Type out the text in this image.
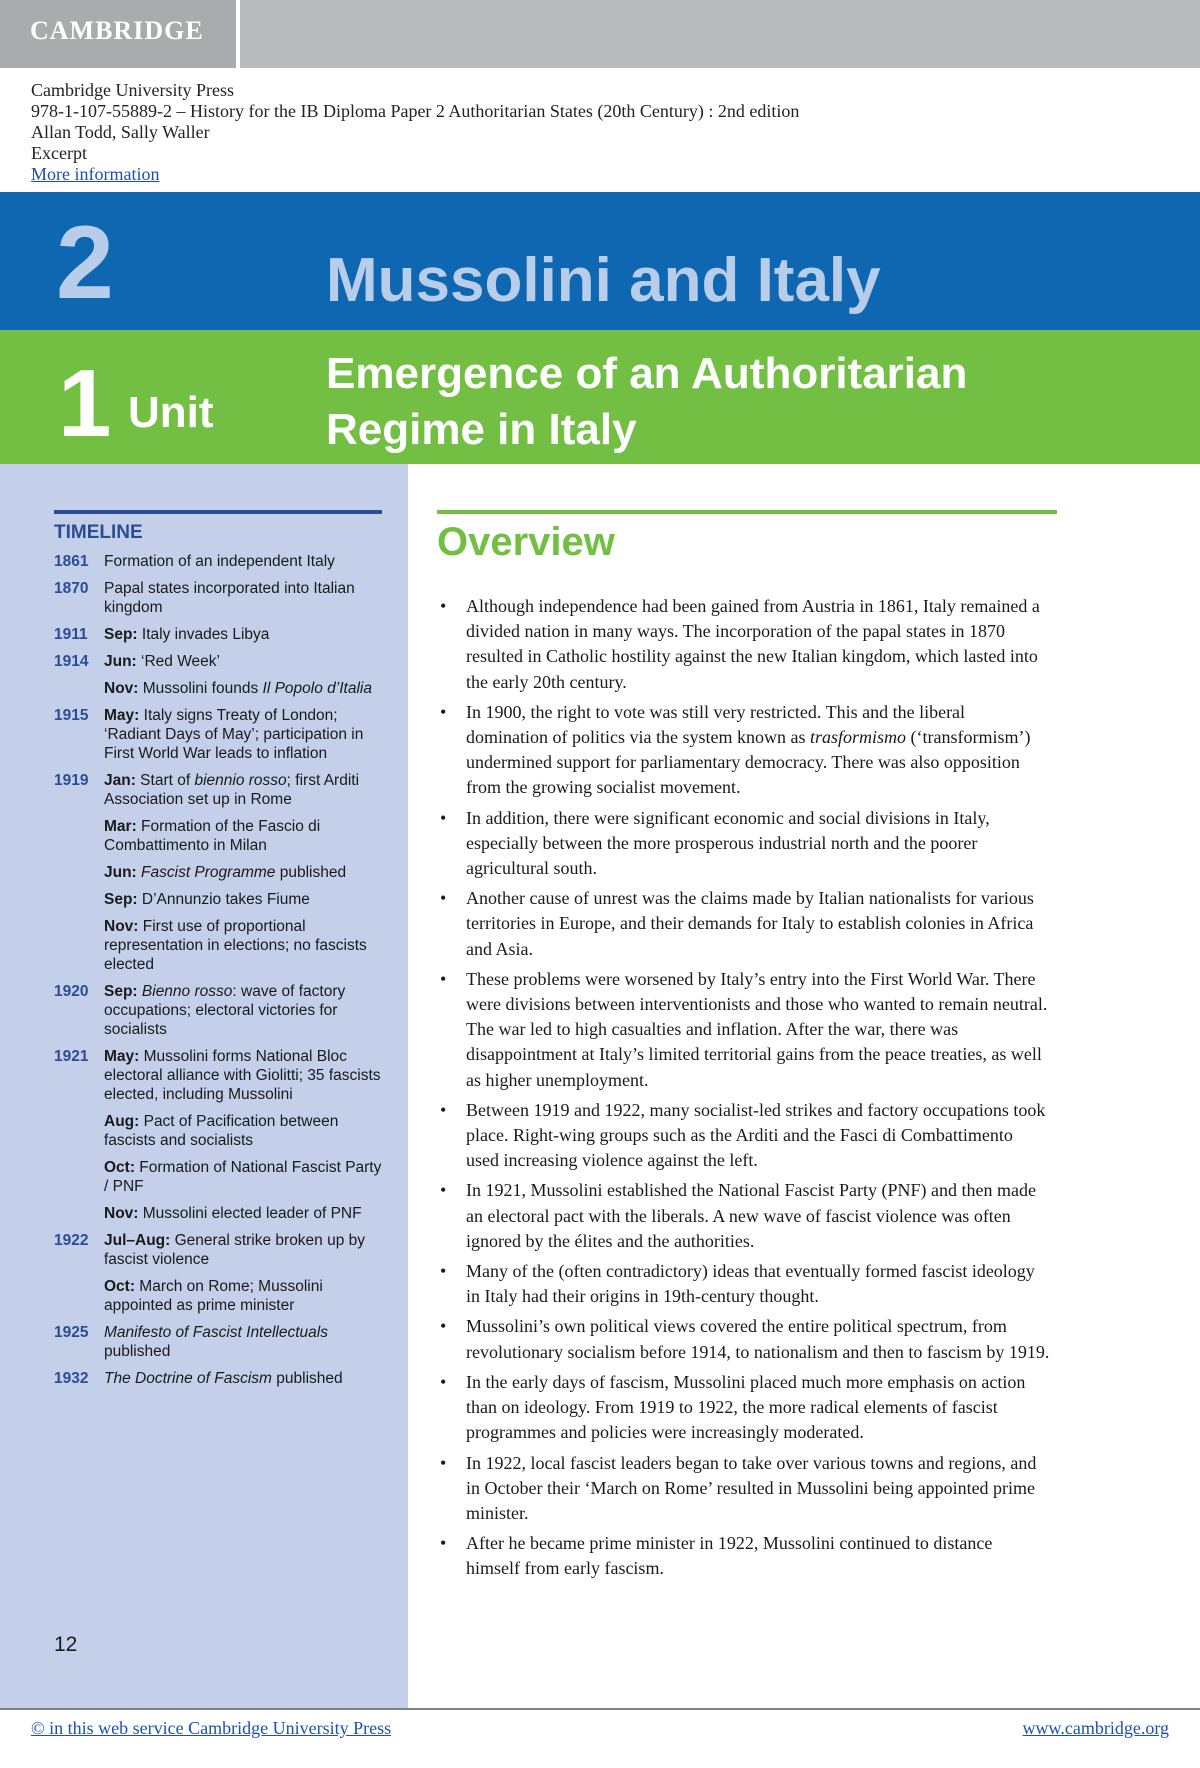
CAMBRIDGE
Cambridge University Press
978-1-107-55889-2 – History for the IB Diploma Paper 2 Authoritarian States (20th Century) : 2nd edition
Allan Todd, Sally Waller
Excerpt
More information
2	Mussolini and Italy
1 Unit
Emergence of an Authoritarian Regime in Italy
TIMELINE
1861	Formation of an independent Italy
1870	Papal states incorporated into Italian kingdom
1911	Sep: Italy invades Libya
1914	Jun: ‘Red Week’
Nov: Mussolini founds Il Popolo d’Italia
1915	May: Italy signs Treaty of London; ‘Radiant Days of May’; participation in First World War leads to inflation
1919	Jan: Start of biennio rosso; first Arditi Association set up in Rome
Mar: Formation of the Fascio di Combattimento in Milan
Jun: Fascist Programme published
Sep: D’Annunzio takes Fiume
Nov: First use of proportional representation in elections; no fascists elected
1920	Sep: Bienno rosso: wave of factory occupations; electoral victories for socialists
1921	May: Mussolini forms National Bloc electoral alliance with Giolitti; 35 fascists elected, including Mussolini
Aug: Pact of Pacification between fascists and socialists
Oct: Formation of National Fascist Party / PNF
Nov: Mussolini elected leader of PNF
1922	Jul–Aug: General strike broken up by fascist violence
Oct: March on Rome; Mussolini appointed as prime minister
1925	Manifesto of Fascist Intellectuals published
1932	The Doctrine of Fascism published
12
Overview
• Although independence had been gained from Austria in 1861, Italy remained a divided nation in many ways. The incorporation of the papal states in 1870 resulted in Catholic hostility against the new Italian kingdom, which lasted into the early 20th century.
• In 1900, the right to vote was still very restricted. This and the liberal domination of politics via the system known as trasformismo (‘transformism’) undermined support for parliamentary democracy. There was also opposition from the growing socialist movement.
• In addition, there were significant economic and social divisions in Italy, especially between the more prosperous industrial north and the poorer agricultural south.
• Another cause of unrest was the claims made by Italian nationalists for various territories in Europe, and their demands for Italy to establish colonies in Africa and Asia.
• These problems were worsened by Italy’s entry into the First World War. There were divisions between interventionists and those who wanted to remain neutral. The war led to high casualties and inflation. After the war, there was disappointment at Italy’s limited territorial gains from the peace treaties, as well as higher unemployment.
• Between 1919 and 1922, many socialist-led strikes and factory occupations took place. Right-wing groups such as the Arditi and the Fasci di Combattimento used increasing violence against the left.
• In 1921, Mussolini established the National Fascist Party (PNF) and then made an electoral pact with the liberals. A new wave of fascist violence was often ignored by the élites and the authorities.
• Many of the (often contradictory) ideas that eventually formed fascist ideology in Italy had their origins in 19th-century thought.
• Mussolini’s own political views covered the entire political spectrum, from revolutionary socialism before 1914, to nationalism and then to fascism by 1919.
• In the early days of fascism, Mussolini placed much more emphasis on action than on ideology. From 1919 to 1922, the more radical elements of fascist programmes and policies were increasingly moderated.
• In 1922, local fascist leaders began to take over various towns and regions, and in October their ‘March on Rome’ resulted in Mussolini being appointed prime minister.
• After he became prime minister in 1922, Mussolini continued to distance himself from early fascism.
© in this web service Cambridge University Press	www.cambridge.org
